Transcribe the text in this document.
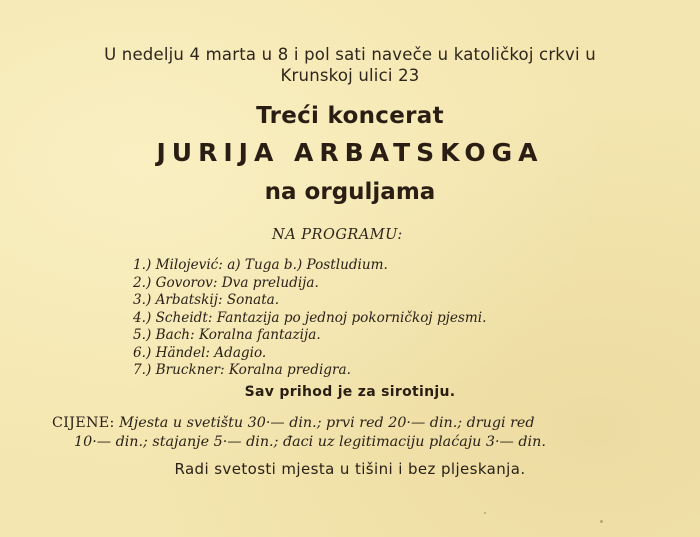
U nedelju 4 marta u 8 i pol sati naveče u katoličkoj crkvi u
Krunskoj ulici 23
Treći koncerat
JURIJA ARBATSKOGA
na orguljama
NA PROGRAMU:
1.) Milojević: a) Tuga b.) Postludium.
2.) Govorov: Dva preludija.
3.) Arbatskij: Sonata.
4.) Scheidt: Fantazija po jednoj pokorničkoj pjesmi.
5.) Bach: Koralna fantazija.
6.) Händel: Adagio.
7.) Bruckner: Koralna predigra.
Sav prihod je za sirotinju.
CIJENE: Mjesta u svetištu 30·— din.; prvi red 20·— din.; drugi red
10·— din.; stajanje 5·— din.; đaci uz legitimaciju plaćaju 3·— din.
Radi svetosti mjesta u tišini i bez pljeskanja.
